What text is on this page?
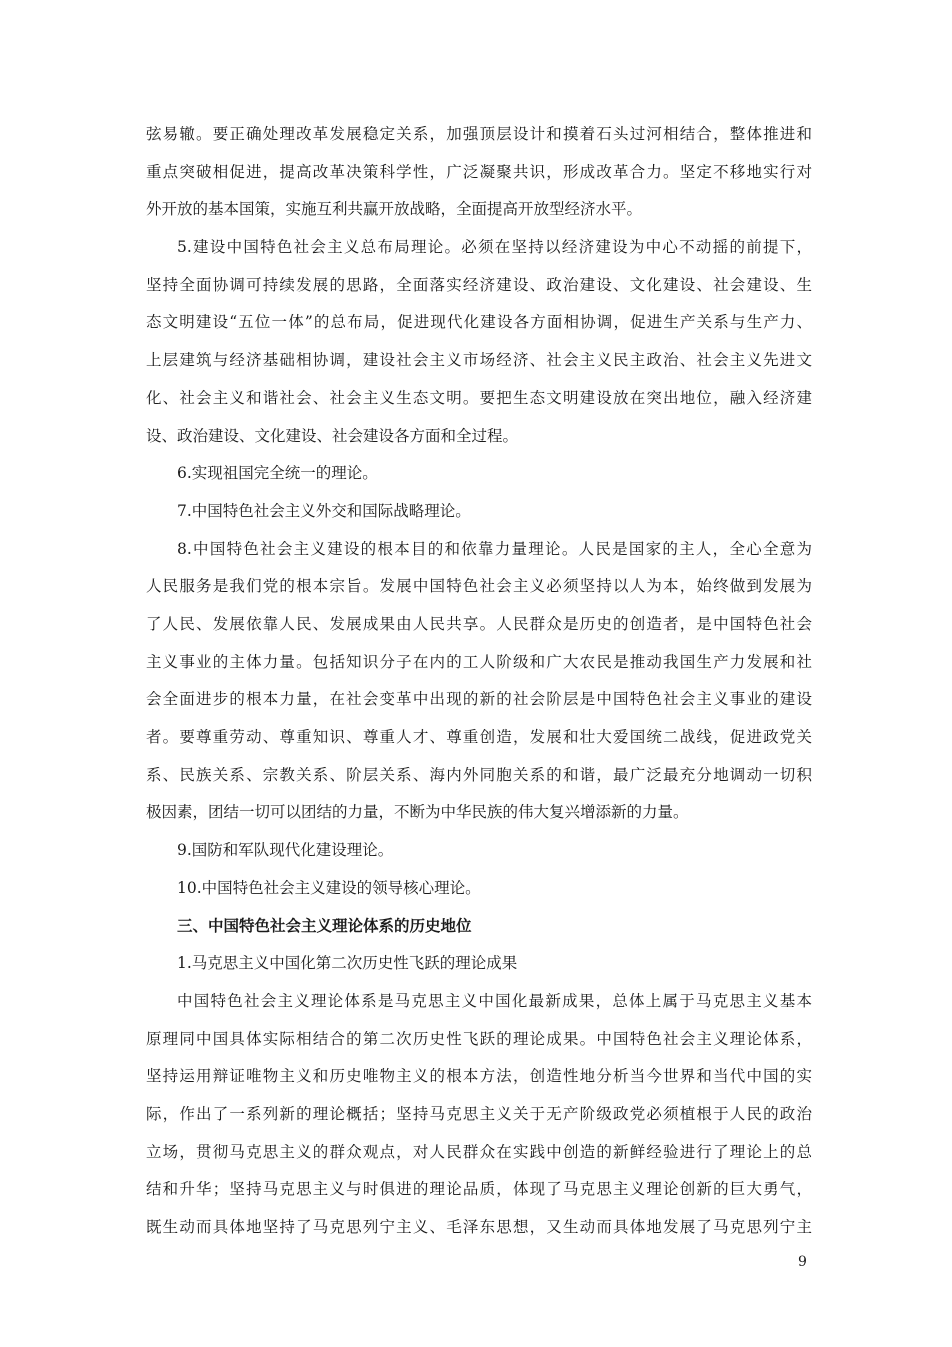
弦易辙。要正确处理改革发展稳定关系，加强顶层设计和摸着石头过河相结合，整体推进和
重点突破相促进，提高改革决策科学性，广泛凝聚共识，形成改革合力。坚定不移地实行对
外开放的基本国策，实施互利共赢开放战略，全面提高开放型经济水平。
5.建设中国特色社会主义总布局理论。必须在坚持以经济建设为中心不动摇的前提下，
坚持全面协调可持续发展的思路，全面落实经济建设、政治建设、文化建设、社会建设、生
态文明建设“五位一体”的总布局，促进现代化建设各方面相协调，促进生产关系与生产力、
上层建筑与经济基础相协调，建设社会主义市场经济、社会主义民主政治、社会主义先进文
化、社会主义和谐社会、社会主义生态文明。要把生态文明建设放在突出地位，融入经济建
设、政治建设、文化建设、社会建设各方面和全过程。
6.实现祖国完全统一的理论。
7.中国特色社会主义外交和国际战略理论。
8.中国特色社会主义建设的根本目的和依靠力量理论。人民是国家的主人，全心全意为
人民服务是我们党的根本宗旨。发展中国特色社会主义必须坚持以人为本，始终做到发展为
了人民、发展依靠人民、发展成果由人民共享。人民群众是历史的创造者，是中国特色社会
主义事业的主体力量。包括知识分子在内的工人阶级和广大农民是推动我国生产力发展和社
会全面进步的根本力量，在社会变革中出现的新的社会阶层是中国特色社会主义事业的建设
者。要尊重劳动、尊重知识、尊重人才、尊重创造，发展和壮大爱国统二战线，促进政党关
系、民族关系、宗教关系、阶层关系、海内外同胞关系的和谐，最广泛最充分地调动一切积
极因素，团结一切可以团结的力量，不断为中华民族的伟大复兴增添新的力量。
9.国防和军队现代化建设理论。
10.中国特色社会主义建设的领导核心理论。
三、中国特色社会主义理论体系的历史地位
1.马克思主义中国化第二次历史性飞跃的理论成果
中国特色社会主义理论体系是马克思主义中国化最新成果，总体上属于马克思主义基本
原理同中国具体实际相结合的第二次历史性飞跃的理论成果。中国特色社会主义理论体系，
坚持运用辩证唯物主义和历史唯物主义的根本方法，创造性地分析当今世界和当代中国的实
际，作出了一系列新的理论概括；坚持马克思主义关于无产阶级政党必须植根于人民的政治
立场，贯彻马克思主义的群众观点，对人民群众在实践中创造的新鲜经验进行了理论上的总
结和升华；坚持马克思主义与时俱进的理论品质，体现了马克思主义理论创新的巨大勇气，
既生动而具体地坚持了马克思列宁主义、毛泽东思想，又生动而具体地发展了马克思列宁主
9
